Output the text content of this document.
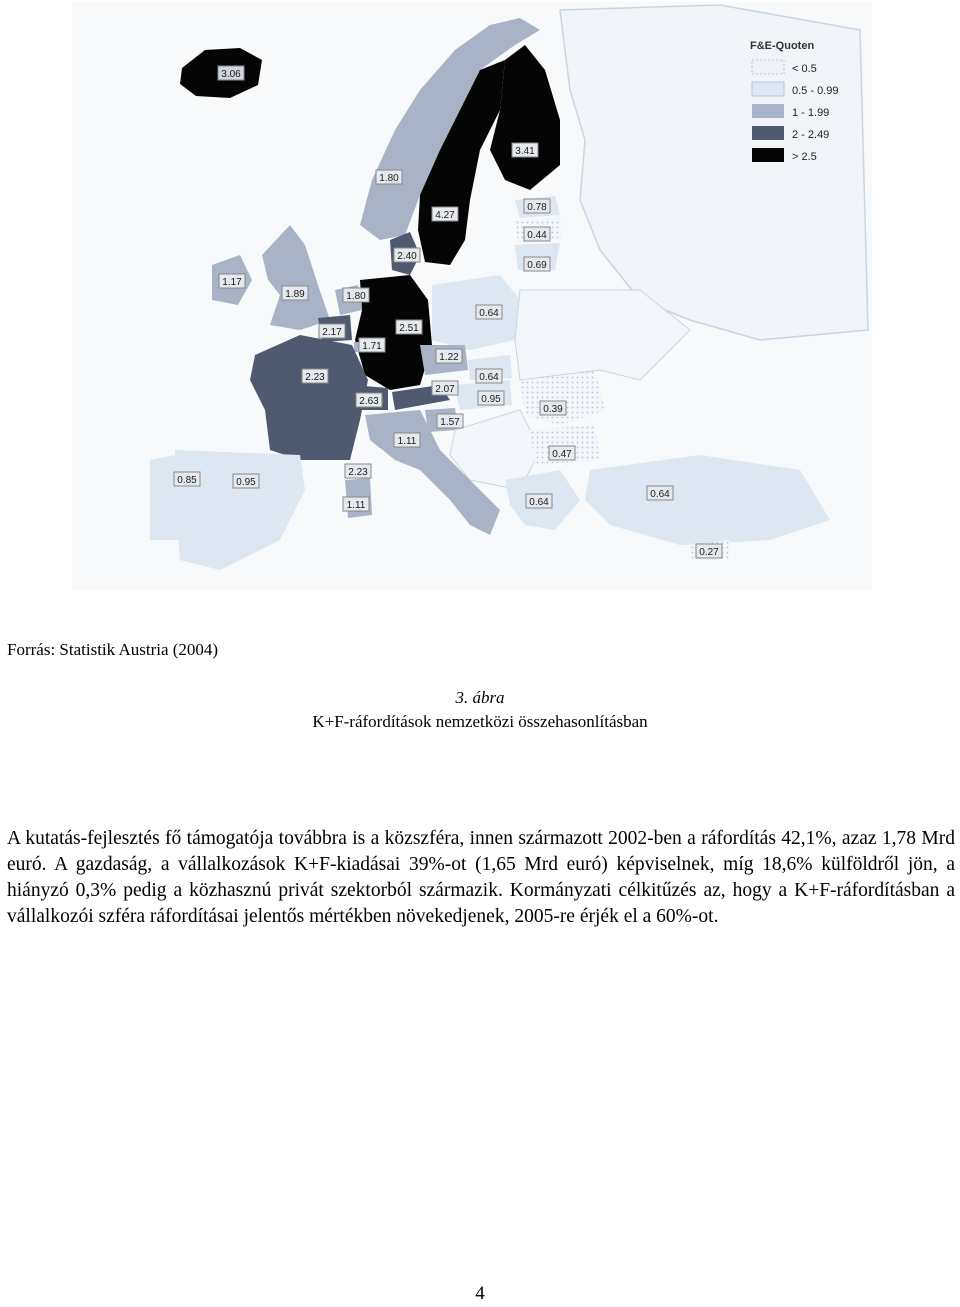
3.06
1.80
3.41
4.27
0.78
0.44
0.69
2.40
1.17
1.89	1.80
0.64
2.17	2.51
1.71
1.22
2.23	0.64
2.07
0.95
2.63
1.57
0.39
1.11
0.47
2.23
0.85	0.95
1.11	0.64
0.64
0.27
F&E-Quoten
< 0.5
0.5 - 0.99
1 - 1.99
2 - 2.49
> 2.5
Forrás: Statistik Austria (2004)
3. ábra
K+F-ráfordítások nemzetközi összehasonlításban
A kutatás-fejlesztés fő támogatója továbbra is a közszféra, innen származott 2002-ben a ráfordítás 42,1%, azaz 1,78 Mrd euró. A gazdaság, a vállalkozások K+F-kiadásai 39%-ot (1,65 Mrd euró) képviselnek, míg 18,6% külföldről jön, a hiányzó 0,3% pedig a közhasznú privát szektorból származik. Kormányzati célkitűzés az, hogy a K+F-ráfordításban a vállalkozói szféra ráfordításai jelentős mértékben növekedjenek, 2005-re érjék el a 60%-ot.
4
